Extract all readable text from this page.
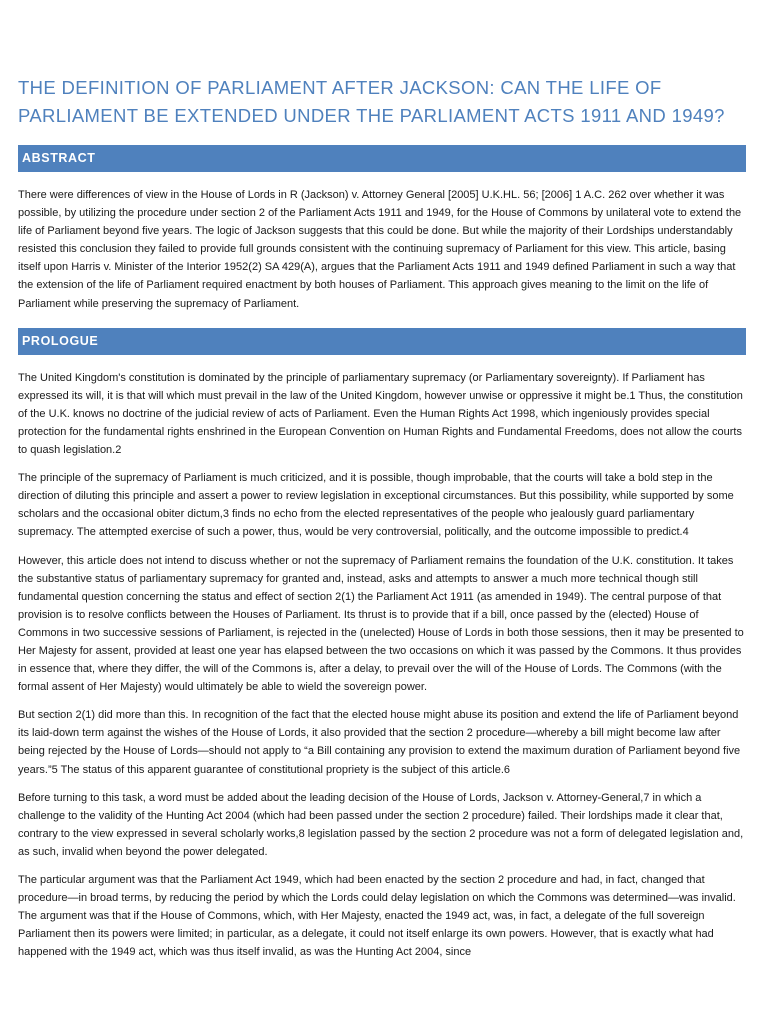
THE DEFINITION OF PARLIAMENT AFTER JACKSON: CAN THE LIFE OF PARLIAMENT BE EXTENDED UNDER THE PARLIAMENT ACTS 1911 AND 1949?
ABSTRACT

There were differences of view in the House of Lords in R (Jackson) v. Attorney General [2005] U.K.HL. 56; [2006] 1 A.C. 262 over whether it was possible, by utilizing the procedure under section 2 of the Parliament Acts 1911 and 1949, for the House of Commons by unilateral vote to extend the life of Parliament beyond five years. The logic of Jackson suggests that this could be done. But while the majority of their Lordships understandably resisted this conclusion they failed to provide full grounds consistent with the continuing supremacy of Parliament for this view. This article, basing itself upon Harris v. Minister of the Interior 1952(2) SA 429(A), argues that the Parliament Acts 1911 and 1949 defined Parliament in such a way that the extension of the life of Parliament required enactment by both houses of Parliament. This approach gives meaning to the limit on the life of Parliament while preserving the supremacy of Parliament.

PROLOGUE

The United Kingdom's constitution is dominated by the principle of parliamentary supremacy (or Parliamentary sovereignty). If Parliament has expressed its will, it is that will which must prevail in the law of the United Kingdom, however unwise or oppressive it might be.1 Thus, the constitution of the U.K. knows no doctrine of the judicial review of acts of Parliament. Even the Human Rights Act 1998, which ingeniously provides special protection for the fundamental rights enshrined in the European Convention on Human Rights and Fundamental Freedoms, does not allow the courts to quash legislation.2

The principle of the supremacy of Parliament is much criticized, and it is possible, though improbable, that the courts will take a bold step in the direction of diluting this principle and assert a power to review legislation in exceptional circumstances. But this possibility, while supported by some scholars and the occasional obiter dictum,3 finds no echo from the elected representatives of the people who jealously guard parliamentary supremacy. The attempted exercise of such a power, thus, would be very controversial, politically, and the outcome impossible to predict.4

However, this article does not intend to discuss whether or not the supremacy of Parliament remains the foundation of the U.K. constitution. It takes the substantive status of parliamentary supremacy for granted and, instead, asks and attempts to answer a much more technical though still fundamental question concerning the status and effect of section 2(1) the Parliament Act 1911 (as amended in 1949). The central purpose of that provision is to resolve conflicts between the Houses of Parliament. Its thrust is to provide that if a bill, once passed by the (elected) House of Commons in two successive sessions of Parliament, is rejected in the (unelected) House of Lords in both those sessions, then it may be presented to Her Majesty for assent, provided at least one year has elapsed between the two occasions on which it was passed by the Commons. It thus provides in essence that, where they differ, the will of the Commons is, after a delay, to prevail over the will of the House of Lords. The Commons (with the formal assent of Her Majesty) would ultimately be able to wield the sovereign power.

But section 2(1) did more than this. In recognition of the fact that the elected house might abuse its position and extend the life of Parliament beyond its laid-down term against the wishes of the House of Lords, it also provided that the section 2 procedure—whereby a bill might become law after being rejected by the House of Lords—should not apply to “a Bill containing any provision to extend the maximum duration of Parliament beyond five years.”5 The status of this apparent guarantee of constitutional propriety is the subject of this article.6

Before turning to this task, a word must be added about the leading decision of the House of Lords, Jackson v. Attorney-General,7 in which a challenge to the validity of the Hunting Act 2004 (which had been passed under the section 2 procedure) failed. Their lordships made it clear that, contrary to the view expressed in several scholarly works,8 legislation passed by the section 2 procedure was not a form of delegated legislation and, as such, invalid when beyond the power delegated.

The particular argument was that the Parliament Act 1949, which had been enacted by the section 2 procedure and had, in fact, changed that procedure—in broad terms, by reducing the period by which the Lords could delay legislation on which the Commons was determined—was invalid. The argument was that if the House of Commons, which, with Her Majesty, enacted the 1949 act, was, in fact, a delegate of the full sovereign Parliament then its powers were limited; in particular, as a delegate, it could not itself enlarge its own powers. However, that is exactly what had happened with the 1949 act, which was thus itself invalid, as was the Hunting Act 2004, since
